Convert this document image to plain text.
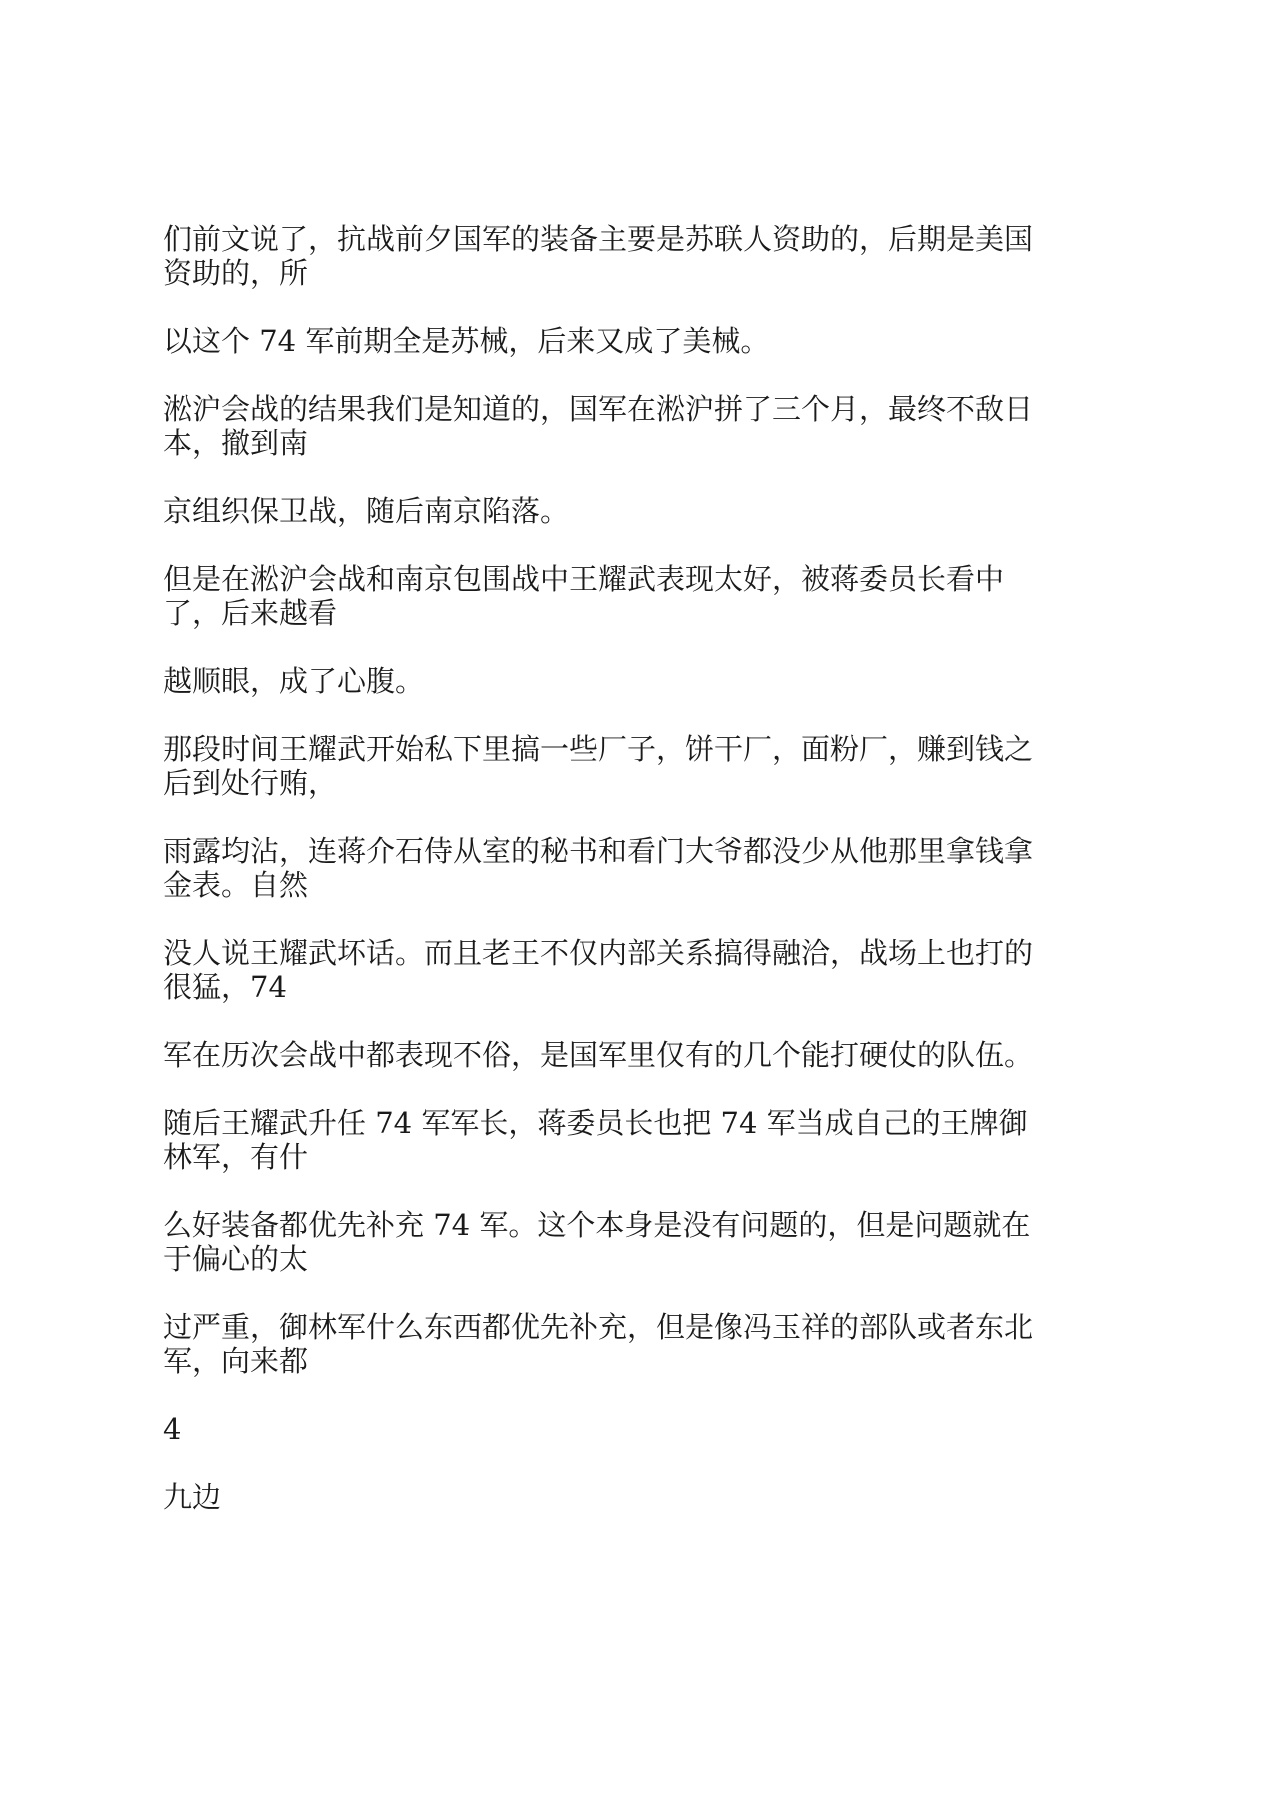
们前文说了，抗战前夕国军的装备主要是苏联人资助的，后期是美国
资助的，所

以这个 74 军前期全是苏械，后来又成了美械。

淞沪会战的结果我们是知道的，国军在淞沪拼了三个月，最终不敌日
本，撤到南

京组织保卫战，随后南京陷落。

但是在淞沪会战和南京包围战中王耀武表现太好，被蒋委员长看中
了，后来越看

越顺眼，成了心腹。

那段时间王耀武开始私下里搞一些厂子，饼干厂，面粉厂，赚到钱之
后到处行贿，

雨露均沾，连蒋介石侍从室的秘书和看门大爷都没少从他那里拿钱拿
金表。自然

没人说王耀武坏话。而且老王不仅内部关系搞得融洽，战场上也打的
很猛，74

军在历次会战中都表现不俗，是国军里仅有的几个能打硬仗的队伍。

随后王耀武升任 74 军军长，蒋委员长也把 74 军当成自己的王牌御
林军，有什

么好装备都优先补充 74 军。这个本身是没有问题的，但是问题就在
于偏心的太

过严重，御林军什么东西都优先补充，但是像冯玉祥的部队或者东北
军，向来都

4

九边
